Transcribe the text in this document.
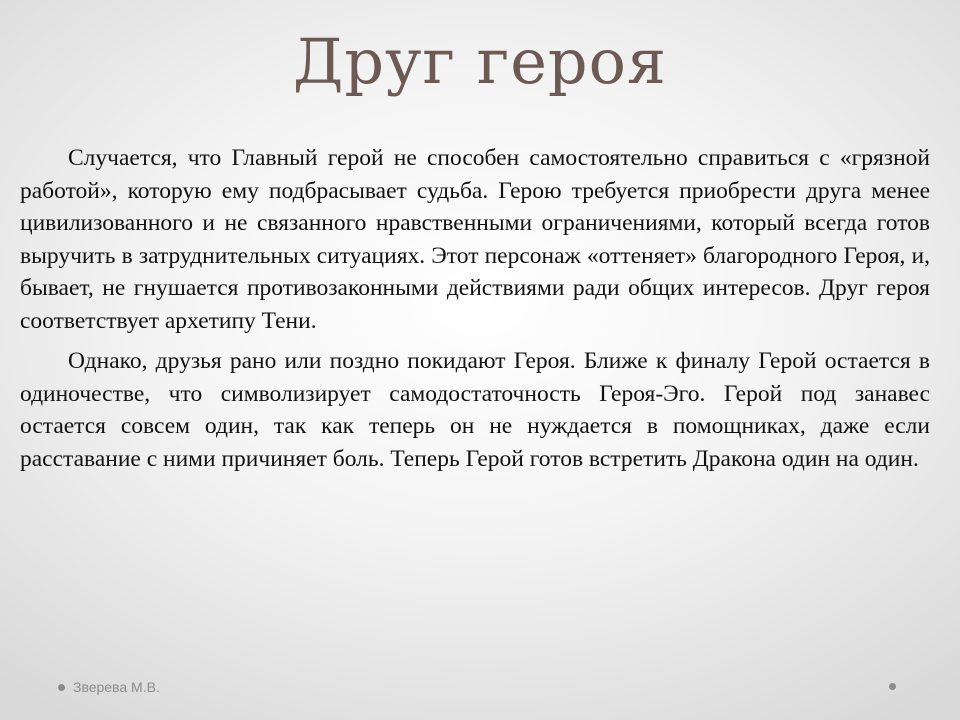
Друг героя

Случается, что Главный герой не способен самостоятельно справиться с «грязной работой», которую ему подбрасывает судьба. Герою требуется приобрести друга менее цивилизованного и не связанного нравственными ограничениями, который всегда готов выручить в затруднительных ситуациях. Этот персонаж «оттеняет» благородного Героя, и, бывает, не гнушается противозаконными действиями ради общих интересов. Друг героя соответствует архетипу Тени.

Однако, друзья рано или поздно покидают Героя. Ближе к финалу Герой остается в одиночестве, что символизирует самодостаточность Героя-Эго. Герой под занавес остается совсем один, так как теперь он не нуждается в помощниках, даже если расставание с ними причиняет боль. Теперь Герой готов встретить Дракона один на один.

Зверева М.В.
